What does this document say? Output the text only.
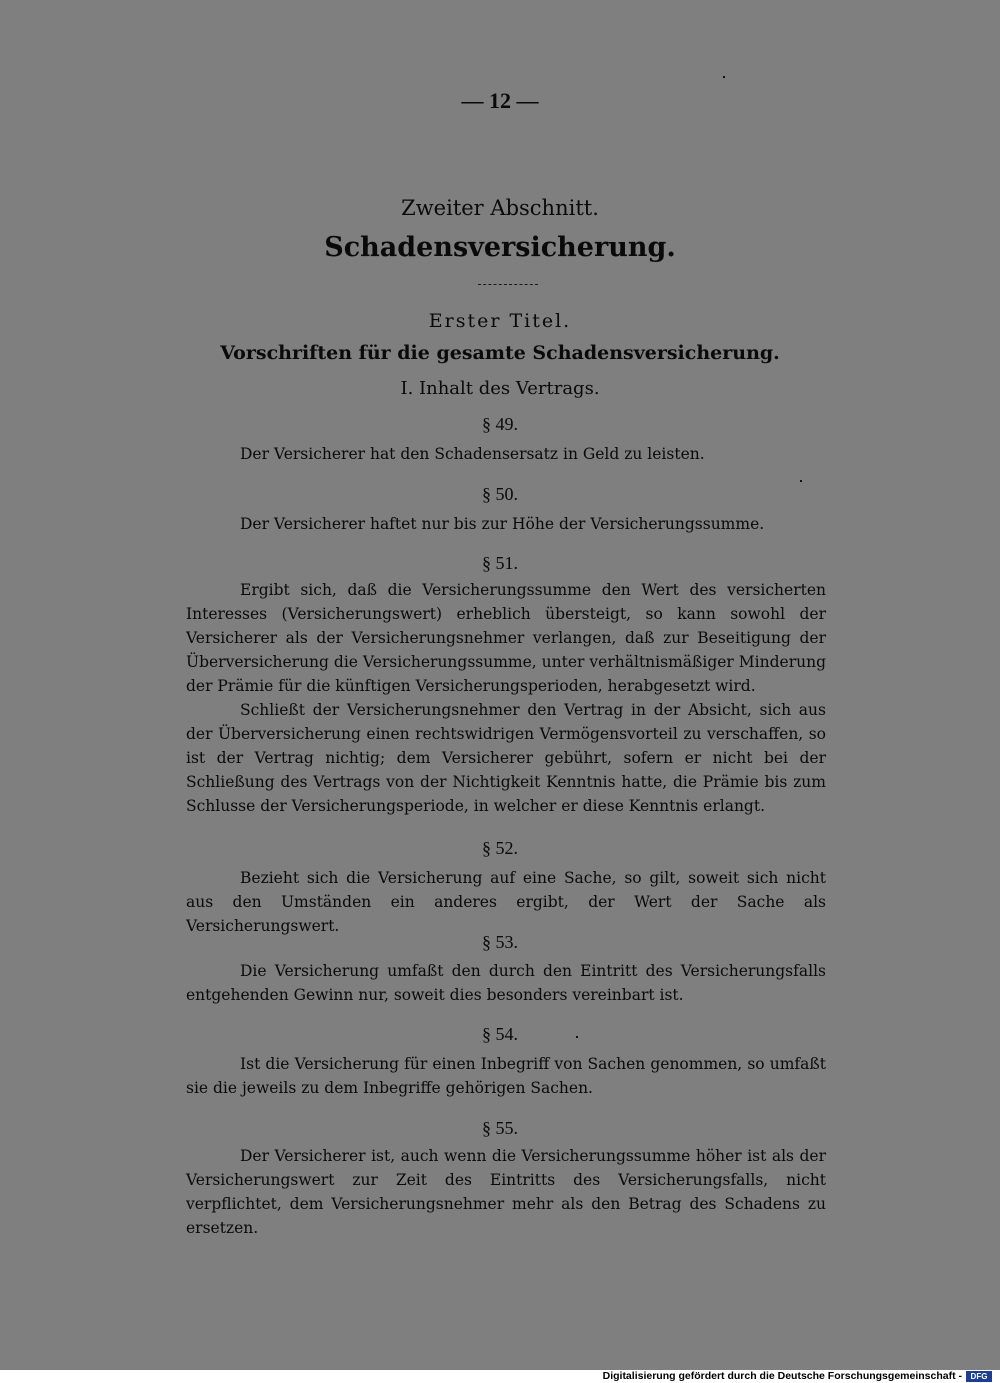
— 12 —
Zweiter Abschnitt.
Schadensversicherung.
Erster Titel.
Vorschriften für die gesamte Schadensversicherung.
I. Inhalt des Vertrags.
§ 49.

Der Versicherer hat den Schadensersatz in Geld zu leisten.

§ 50.

Der Versicherer haftet nur bis zur Höhe der Versicherungssumme.

§ 51.

Ergibt sich, daß die Versicherungssumme den Wert des versicherten Interesses (Versicherungswert) erheblich übersteigt, so kann sowohl der Versicherer als der Versicherungsnehmer verlangen, daß zur Beseitigung der Überversicherung die Versicherungssumme, unter verhältnismäßiger Minderung der Prämie für die künftigen Versicherungsperioden, herabgesetzt wird.

Schließt der Versicherungsnehmer den Vertrag in der Absicht, sich aus der Überversicherung einen rechtswidrigen Vermögensvorteil zu verschaffen, so ist der Vertrag nichtig; dem Versicherer gebührt, sofern er nicht bei der Schließung des Vertrags von der Nichtigkeit Kenntnis hatte, die Prämie bis zum Schlusse der Versicherungsperiode, in welcher er diese Kenntnis erlangt.

§ 52.

Bezieht sich die Versicherung auf eine Sache, so gilt, soweit sich nicht aus den Umständen ein anderes ergibt, der Wert der Sache als Versicherungswert.

§ 53.

Die Versicherung umfaßt den durch den Eintritt des Versicherungsfalls entgehenden Gewinn nur, soweit dies besonders vereinbart ist.

§ 54.

Ist die Versicherung für einen Inbegriff von Sachen genommen, so umfaßt sie die jeweils zu dem Inbegriffe gehörigen Sachen.

§ 55.

Der Versicherer ist, auch wenn die Versicherungssumme höher ist als der Versicherungswert zur Zeit des Eintritts des Versicherungsfalls, nicht verpflichtet, dem Versicherungsnehmer mehr als den Betrag des Schadens zu ersetzen.

Digitalisierung gefördert durch die Deutsche Forschungsgemeinschaft -	DFG
